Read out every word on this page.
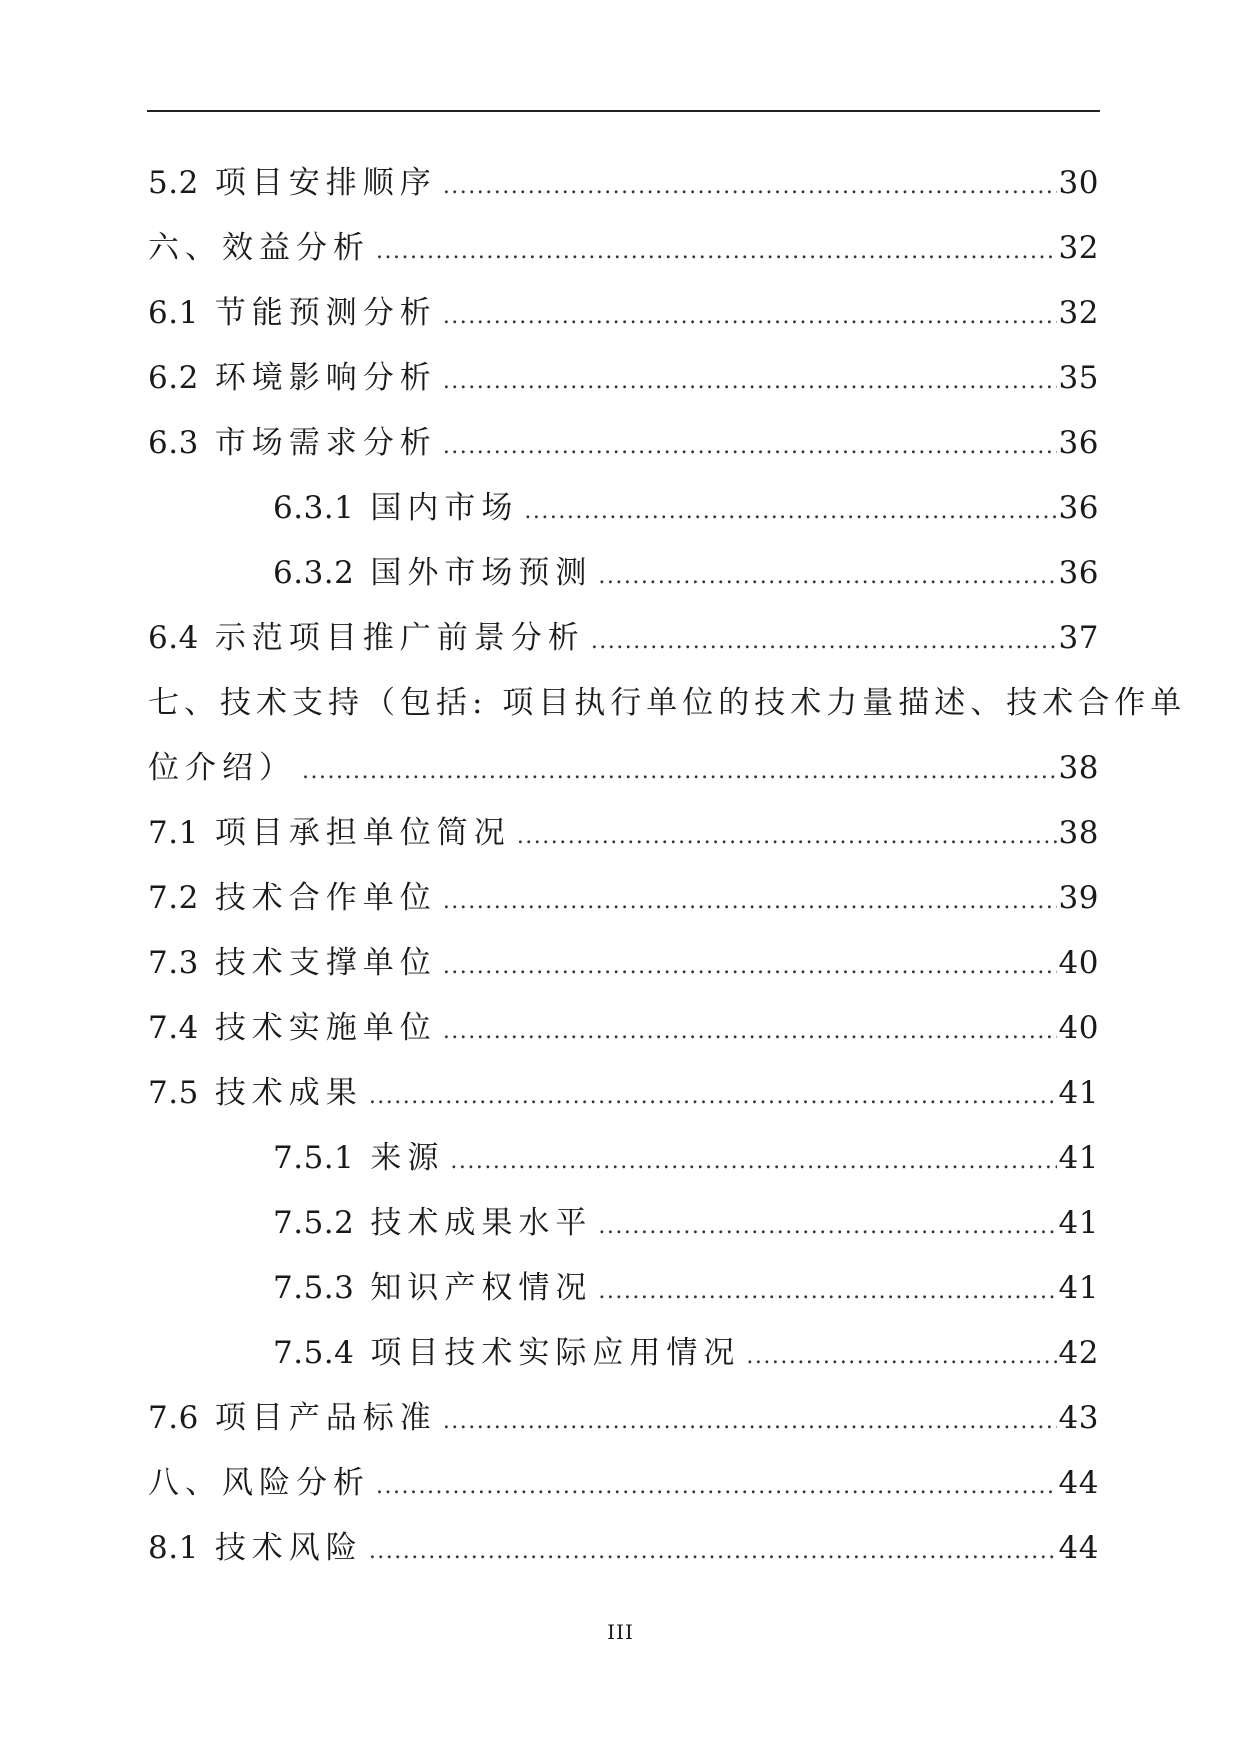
5.2 项目安排顺序 .....	30
六、效益分析 .....	32
6.1 节能预测分析 .....	32
6.2 环境影响分析 .....	35
6.3 市场需求分析 .....	36
6.3.1 国内市场 .....	36
6.3.2 国外市场预测 .....	36
6.4 示范项目推广前景分析 .....	37
七、技术支持（包括: 项目执行单位的技术力量描述、技术合作单
位介绍） .....	38
7.1 项目承担单位简况 .....	38
7.2 技术合作单位 .....	39
7.3 技术支撑单位 .....	40
7.4 技术实施单位 .....	40
7.5 技术成果 .....	41
7.5.1 来源 .....	41
7.5.2 技术成果水平 .....	41
7.5.3 知识产权情况 .....	41
7.5.4 项目技术实际应用情况 .....	42
7.6 项目产品标准 .....	43
八、风险分析 .....	44
8.1 技术风险 .....	44
III
